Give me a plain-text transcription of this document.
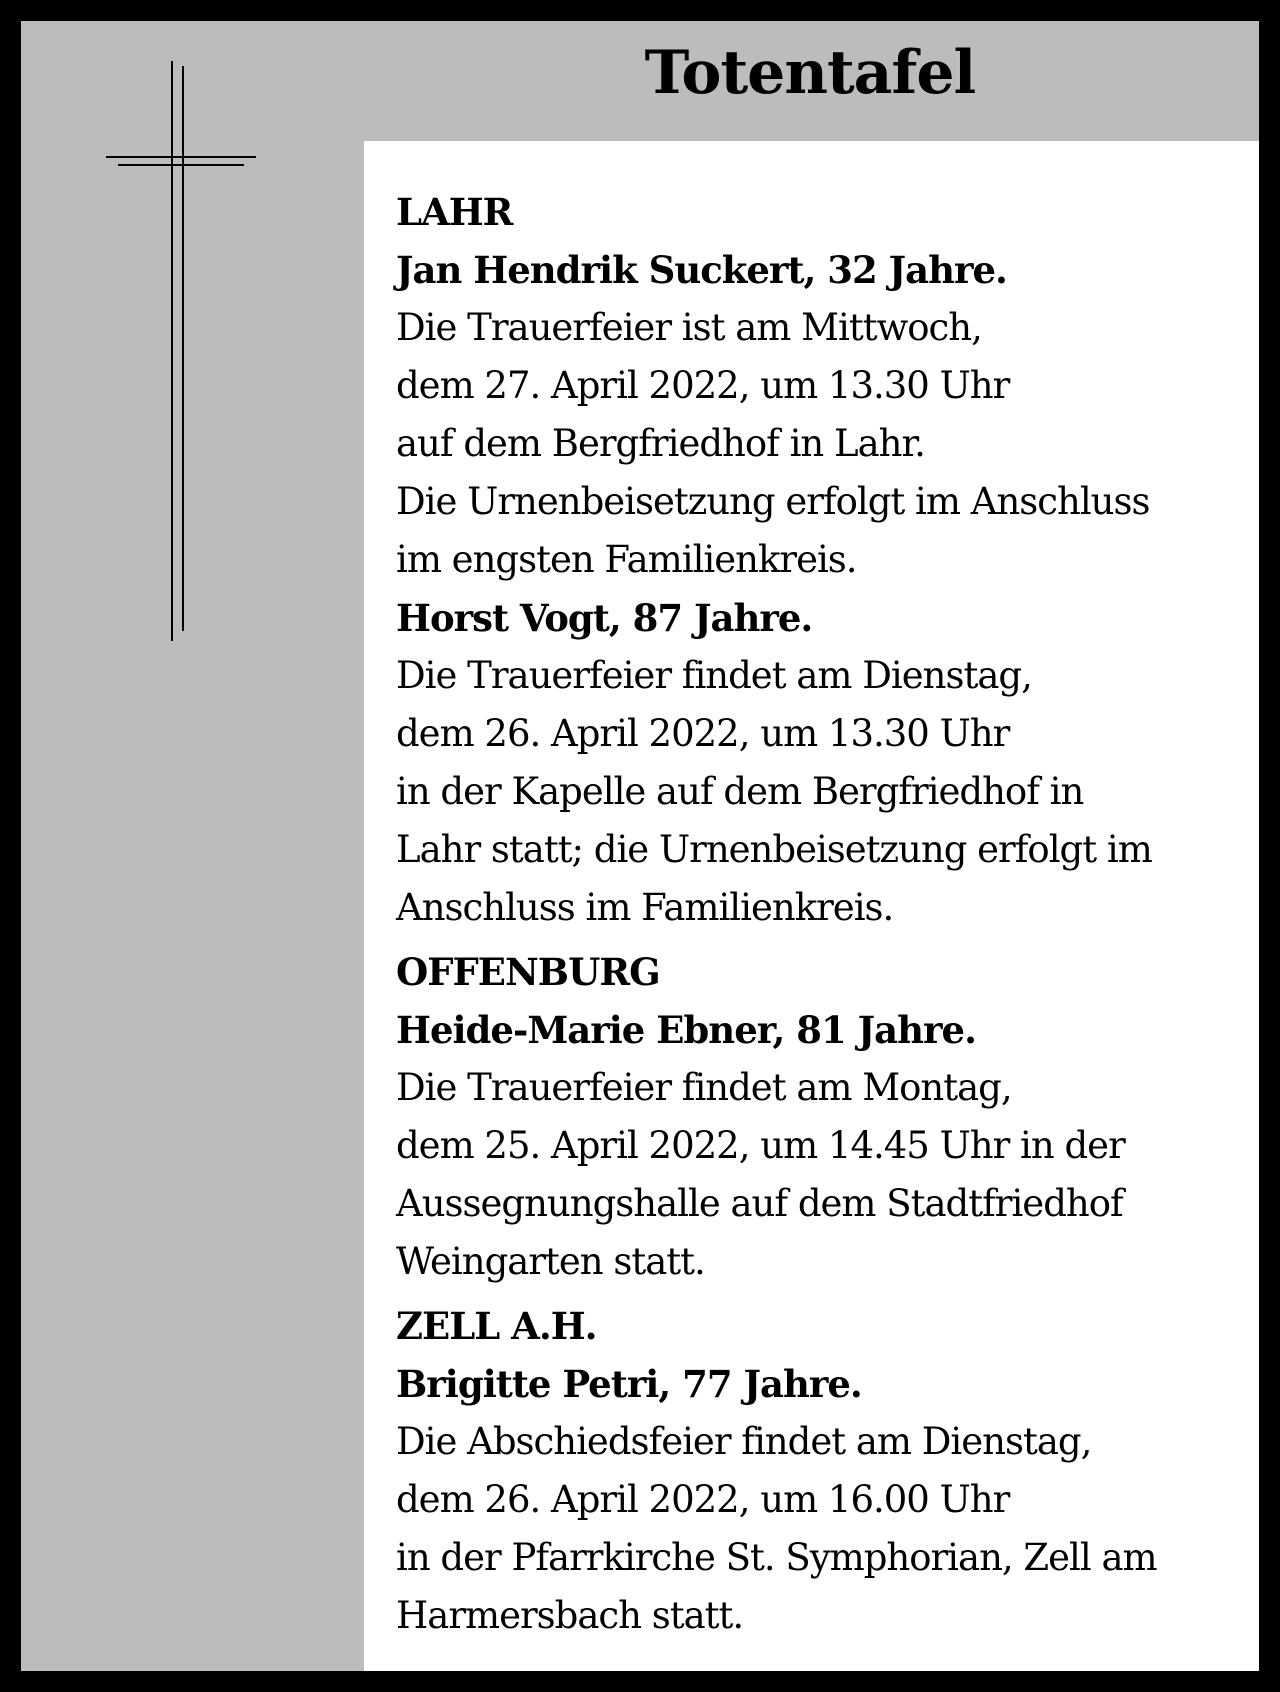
Totentafel
LAHR
Jan Hendrik Suckert, 32 Jahre.
Die Trauerfeier ist am Mittwoch,
dem 27. April 2022, um 13.30 Uhr
auf dem Bergfriedhof in Lahr.
Die Urnenbeisetzung erfolgt im Anschluss
im engsten Familienkreis.
Horst Vogt, 87 Jahre.
Die Trauerfeier findet am Dienstag,
dem 26. April 2022, um 13.30 Uhr
in der Kapelle auf dem Bergfriedhof in
Lahr statt; die Urnenbeisetzung erfolgt im
Anschluss im Familienkreis.
OFFENBURG
Heide-Marie Ebner, 81 Jahre.
Die Trauerfeier findet am Montag,
dem 25. April 2022, um 14.45 Uhr in der
Aussegnungshalle auf dem Stadtfriedhof
Weingarten statt.
ZELL A.H.
Brigitte Petri, 77 Jahre.
Die Abschiedsfeier findet am Dienstag,
dem 26. April 2022, um 16.00 Uhr
in der Pfarrkirche St. Symphorian, Zell am
Harmersbach statt.
